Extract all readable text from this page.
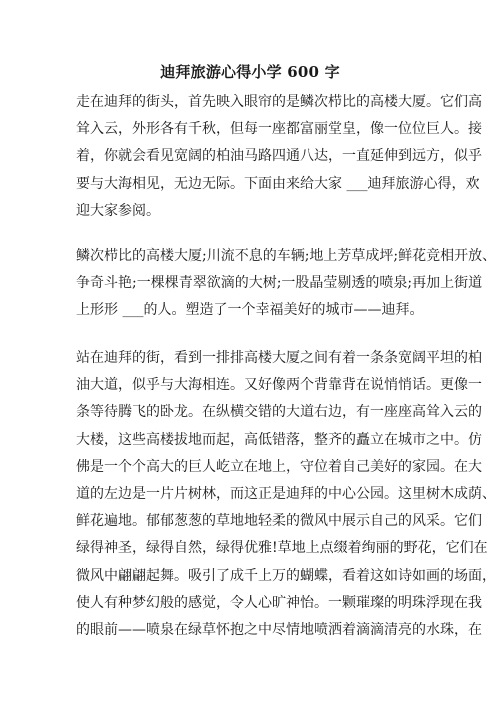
迪拜旅游心得小学 600 字
走在迪拜的街头，首先映入眼帘的是鳞次栉比的高楼大厦。它们高
耸入云，外形各有千秋，但每一座都富丽堂皇，像一位位巨人。接
着，你就会看见宽阔的柏油马路四通八达，一直延伸到远方，似乎
要与大海相见，无边无际。下面由来给大家 ___迪拜旅游心得，欢
迎大家参阅。
鳞次栉比的高楼大厦;川流不息的车辆;地上芳草成坪;鲜花竞相开放、
争奇斗艳;一棵棵青翠欲滴的大树;一股晶莹剔透的喷泉;再加上街道
上形形 ___的人。塑造了一个幸福美好的城市——迪拜。
站在迪拜的街，看到一排排高楼大厦之间有着一条条宽阔平坦的柏
油大道，似乎与大海相连。又好像两个背靠背在说悄悄话。更像一
条等待腾飞的卧龙。在纵横交错的大道右边，有一座座高耸入云的
大楼，这些高楼拔地而起，高低错落，整齐的矗立在城市之中。仿
佛是一个个高大的巨人屹立在地上，守位着自己美好的家园。在大
道的左边是一片片树林，而这正是迪拜的中心公园。这里树木成荫、
鲜花遍地。郁郁葱葱的草地地轻柔的微风中展示自己的风采。它们
绿得神圣，绿得自然，绿得优雅!草地上点缀着绚丽的野花，它们在
微风中翩翩起舞。吸引了成千上万的蝴蝶，看着这如诗如画的场面，
使人有种梦幻般的感觉，令人心旷神怡。一颗璀璨的明珠浮现在我
的眼前——喷泉在绿草怀抱之中尽情地喷洒着滴滴清亮的水珠，在
